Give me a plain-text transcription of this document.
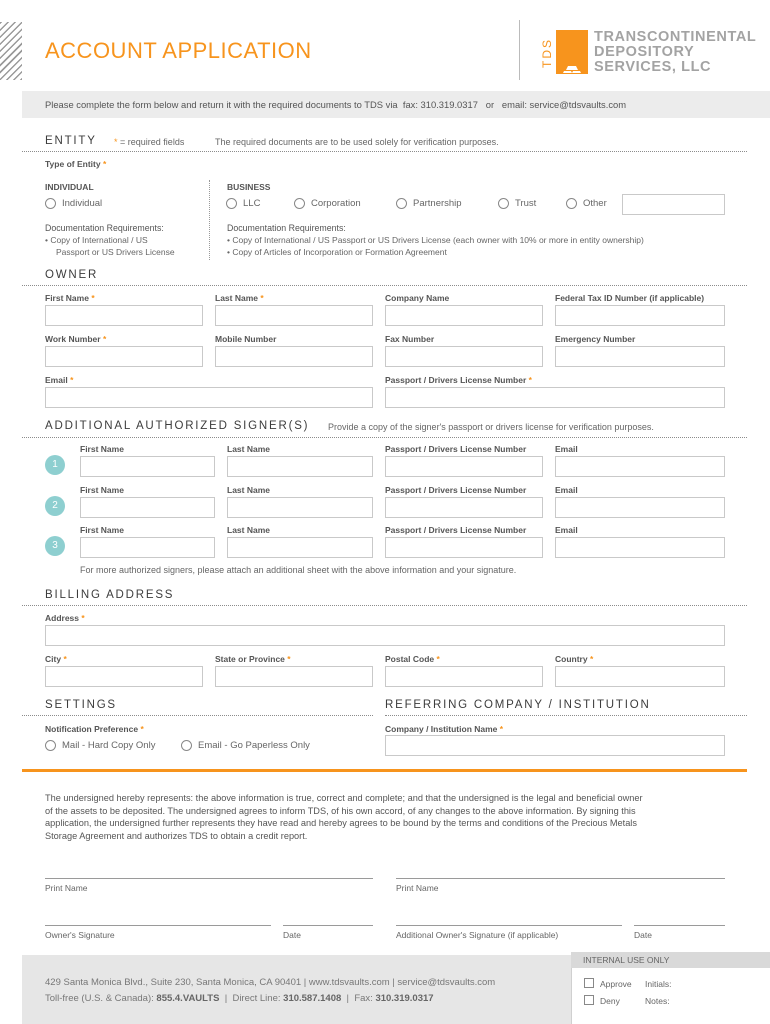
ACCOUNT APPLICATION	TDS
TRANSCONTINENTAL
DEPOSITORY
SERVICES, LLC
Please complete the form below and return it with the required documents to TDS via fax: 310.319.0317 or email: service@tdsvaults.com
ENTITY * = required fields	The required documents are to be used solely for verification purposes.
Type of Entity *
INDIVIDUAL	BUSINESS
Individual	LLC	Corporation	Partnership	Trust	Other
Documentation Requirements:
• Copy of International / US
Passport or US Drivers License
Documentation Requirements:
• Copy of International / US Passport or US Drivers License (each owner with 10% or more in entity ownership)
• Copy of Articles of Incorporation or Formation Agreement
OWNER
First Name *	Last Name *	Company Name	Federal Tax ID Number (if applicable)
Work Number *	Mobile Number	Fax Number	Emergency Number
Email *	Passport / Drivers License Number *
ADDITIONAL AUTHORIZED SIGNER(S) Provide a copy of the signer's passport or drivers license for verification purposes.
First Name	Last Name	Passport / Drivers License Number	Email
1
First Name	Last Name	Passport / Drivers License Number	Email
2
First Name	Last Name	Passport / Drivers License Number	Email
3
For more authorized signers, please attach an additional sheet with the above information and your signature.
BILLING ADDRESS
Address *
City *	State or Province *	Postal Code *	Country *
SETTINGS	REFERRING COMPANY / INSTITUTION
Notification Preference *
Mail - Hard Copy Only	Email - Go Paperless Only
Company / Institution Name *
The undersigned hereby represents: the above information is true, correct and complete; and that the undersigned is the legal and beneficial owner
of the assets to be deposited. The undersigned agrees to inform TDS, of his own accord, of any changes to the above information. By signing this
application, the undersigned further represents they have read and hereby agrees to be bound by the terms and conditions of the Precious Metals
Storage Agreement and authorizes TDS to obtain a credit report.
Print Name	Print Name
Owner's Signature	Date	Additional Owner's Signature (if applicable)	Date
429 Santa Monica Blvd., Suite 230, Santa Monica, CA 90401 | www.tdsvaults.com | service@tdsvaults.com
Toll-free (U.S. & Canada): 855.4.VAULTS  |  Direct Line: 310.587.1408  |  Fax: 310.319.0317
INTERNAL USE ONLY
Approve Initials:
Deny	Notes:
